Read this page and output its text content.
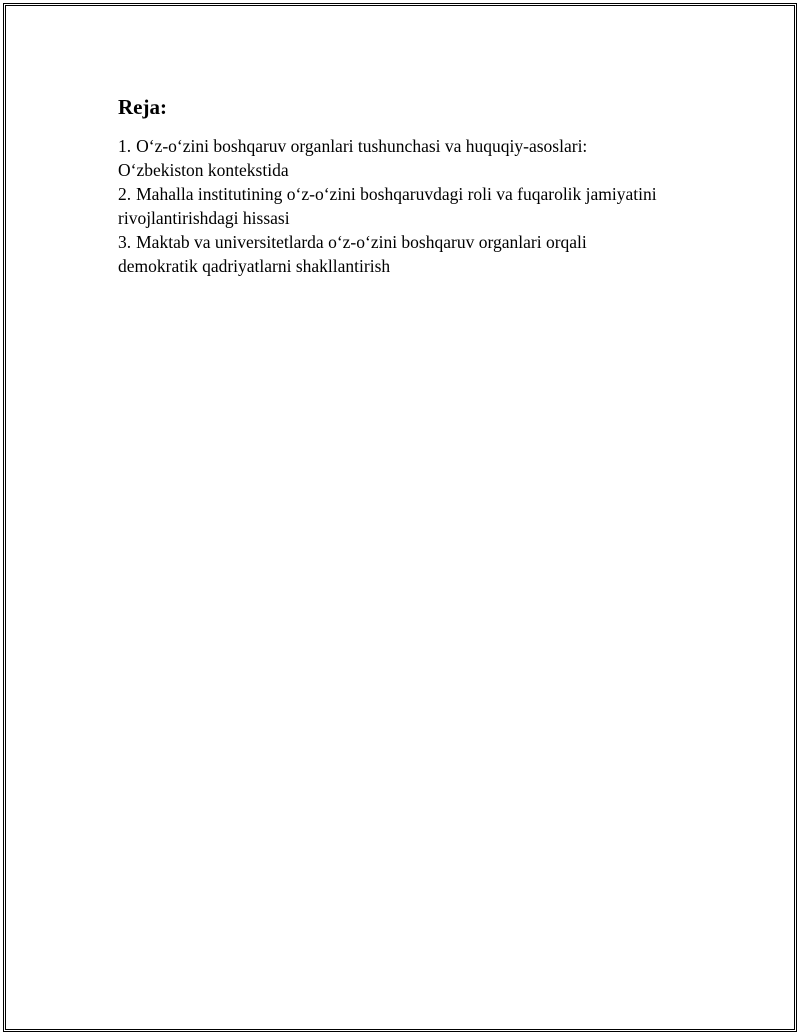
Reja:
1. O‘z-o‘zini boshqaruv organlari tushunchasi va huquqiy-asoslari:
O‘zbekiston kontekstida
2. Mahalla institutining o‘z-o‘zini boshqaruvdagi roli va fuqarolik jamiyatini
rivojlantirishdagi hissasi
3. Maktab va universitetlarda o‘z-o‘zini boshqaruv organlari orqali
demokratik qadriyatlarni shakllantirish
